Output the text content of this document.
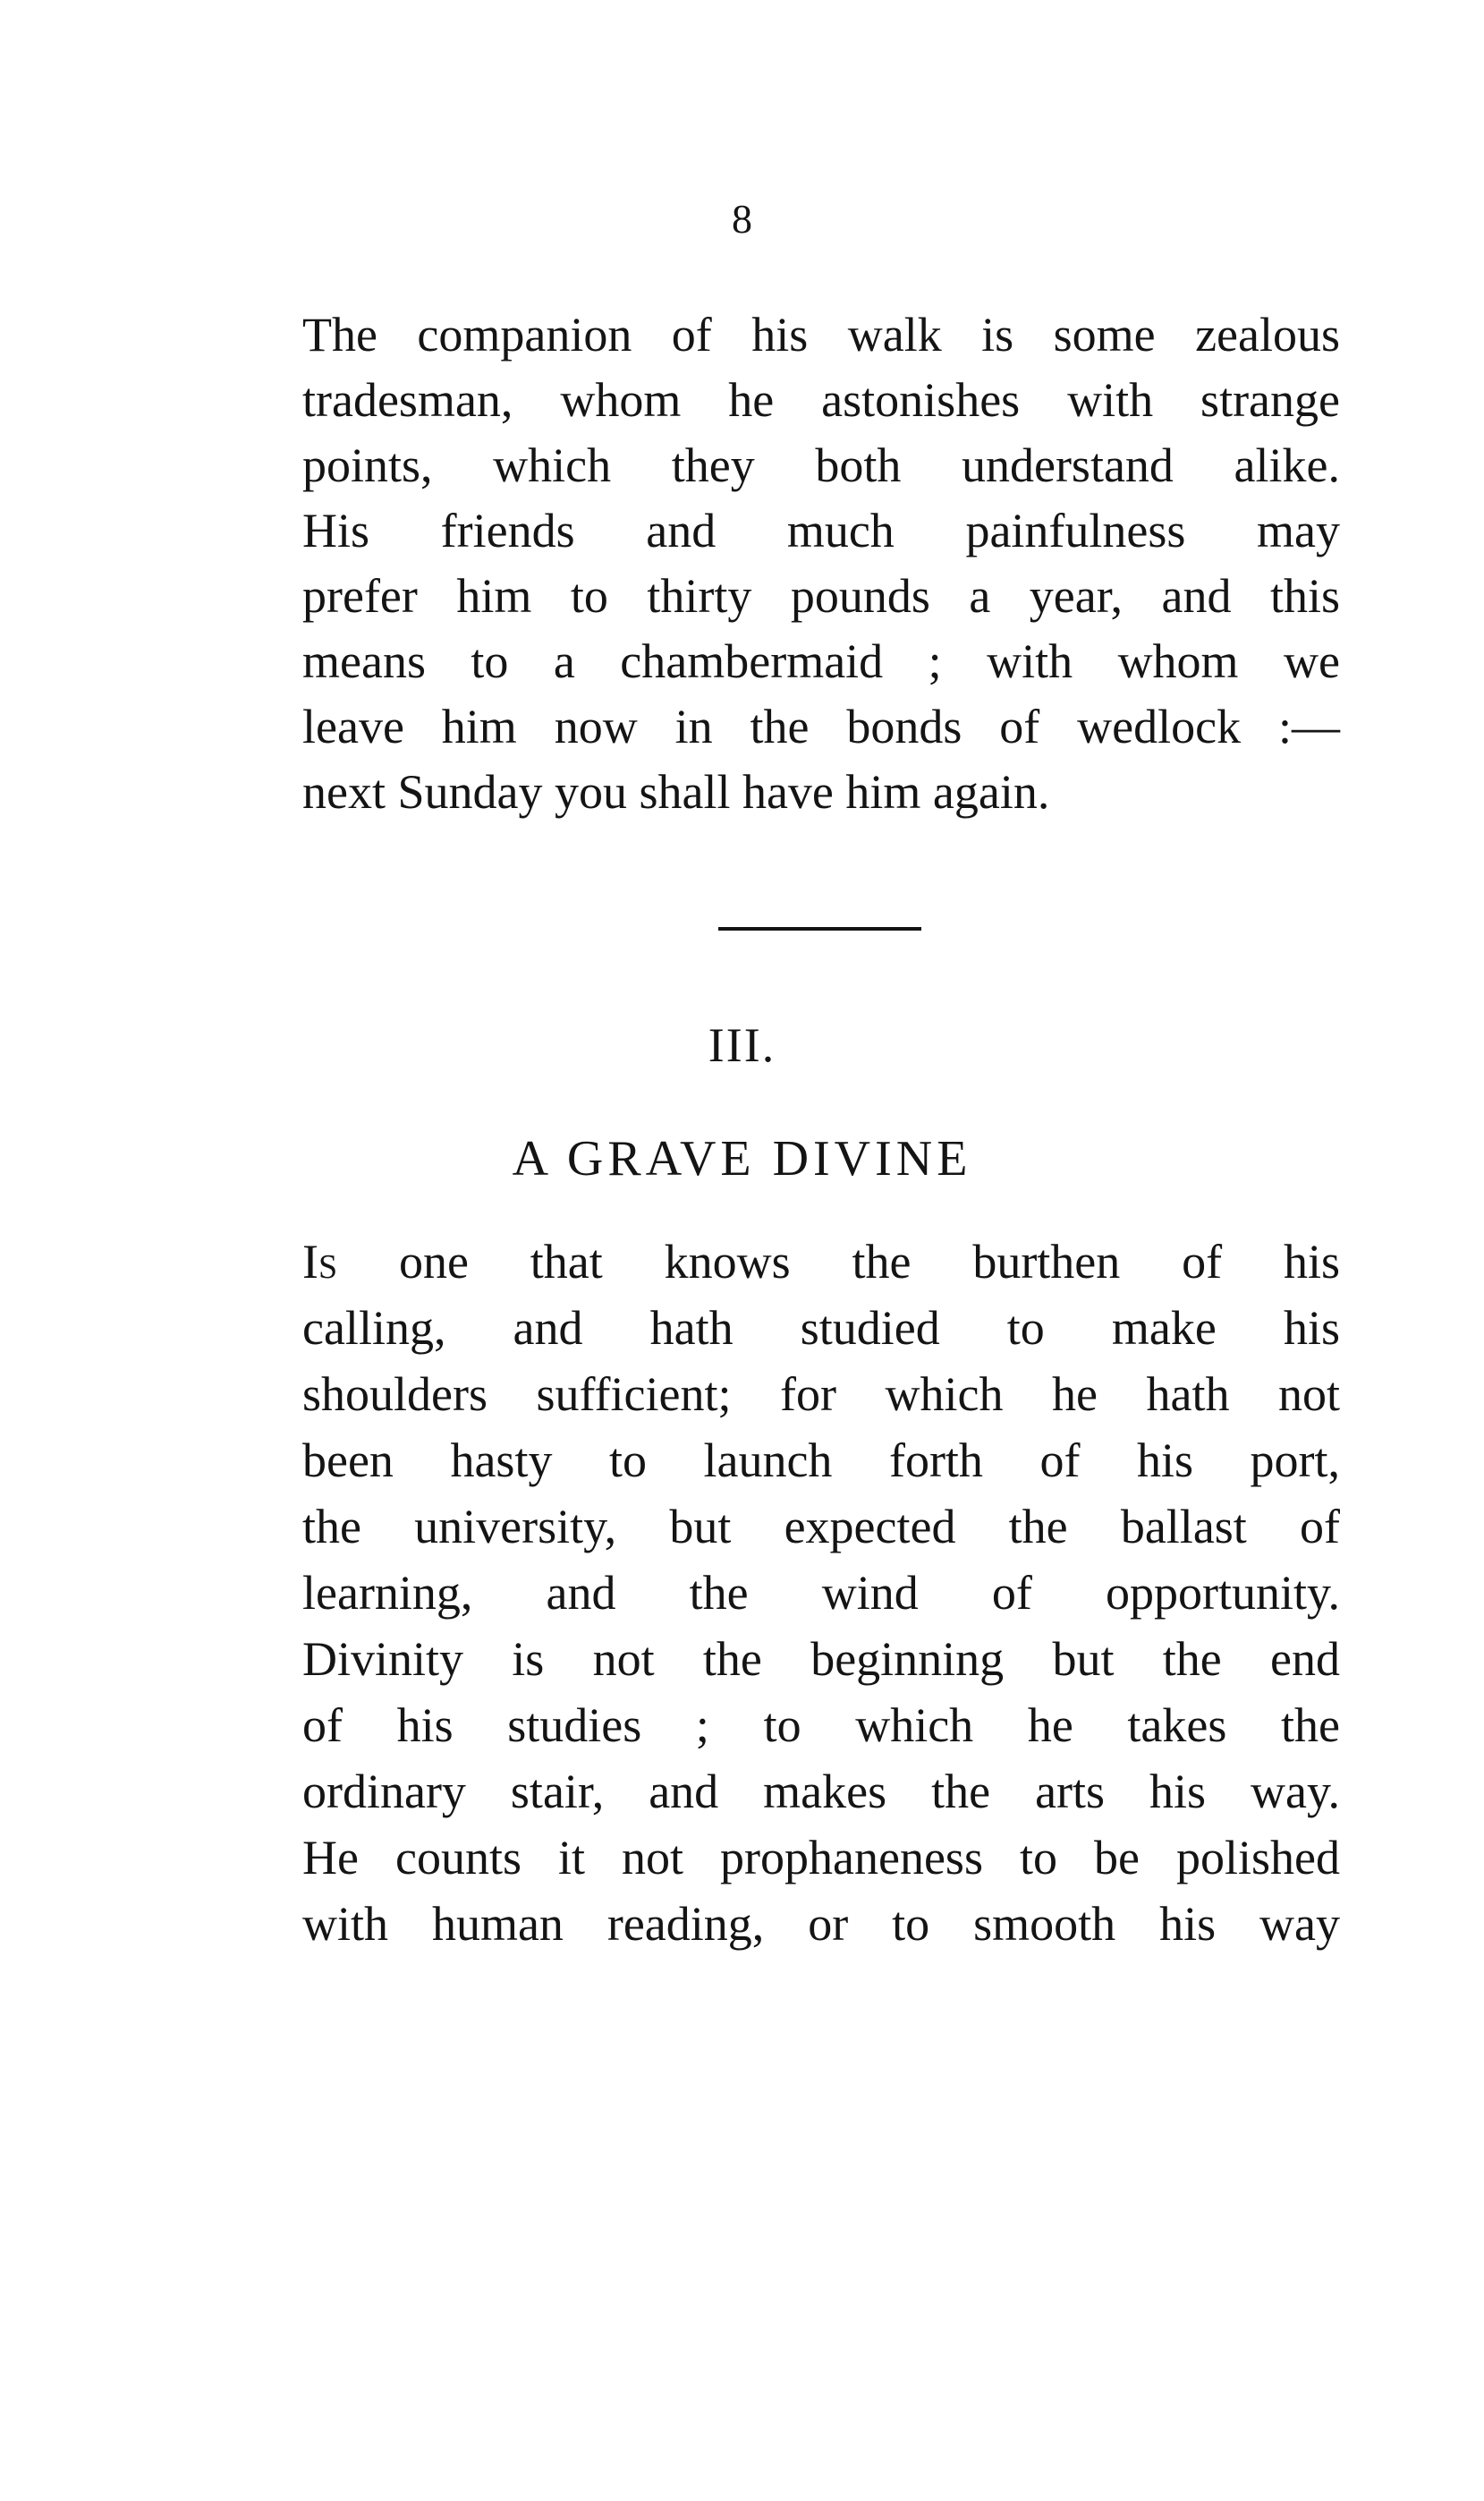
8
The companion of his walk is some zealous
tradesman, whom he astonishes with strange
points, which they both understand alike.
His friends and much painfulness may
prefer him to thirty pounds a year, and this
means to a chambermaid ; with whom we
leave him now in the bonds of wedlock :—
next Sunday you shall have him again.
III.
A GRAVE DIVINE
Is one that knows the burthen of his
calling, and hath studied to make his
shoulders sufficient; for which he hath not
been hasty to launch forth of his port,
the university, but expected the ballast of
learning, and the wind of opportunity.
Divinity is not the beginning but the end
of his studies ; to which he takes the
ordinary stair, and makes the arts his way.
He counts it not prophaneness to be polished
with human reading, or to smooth his way
